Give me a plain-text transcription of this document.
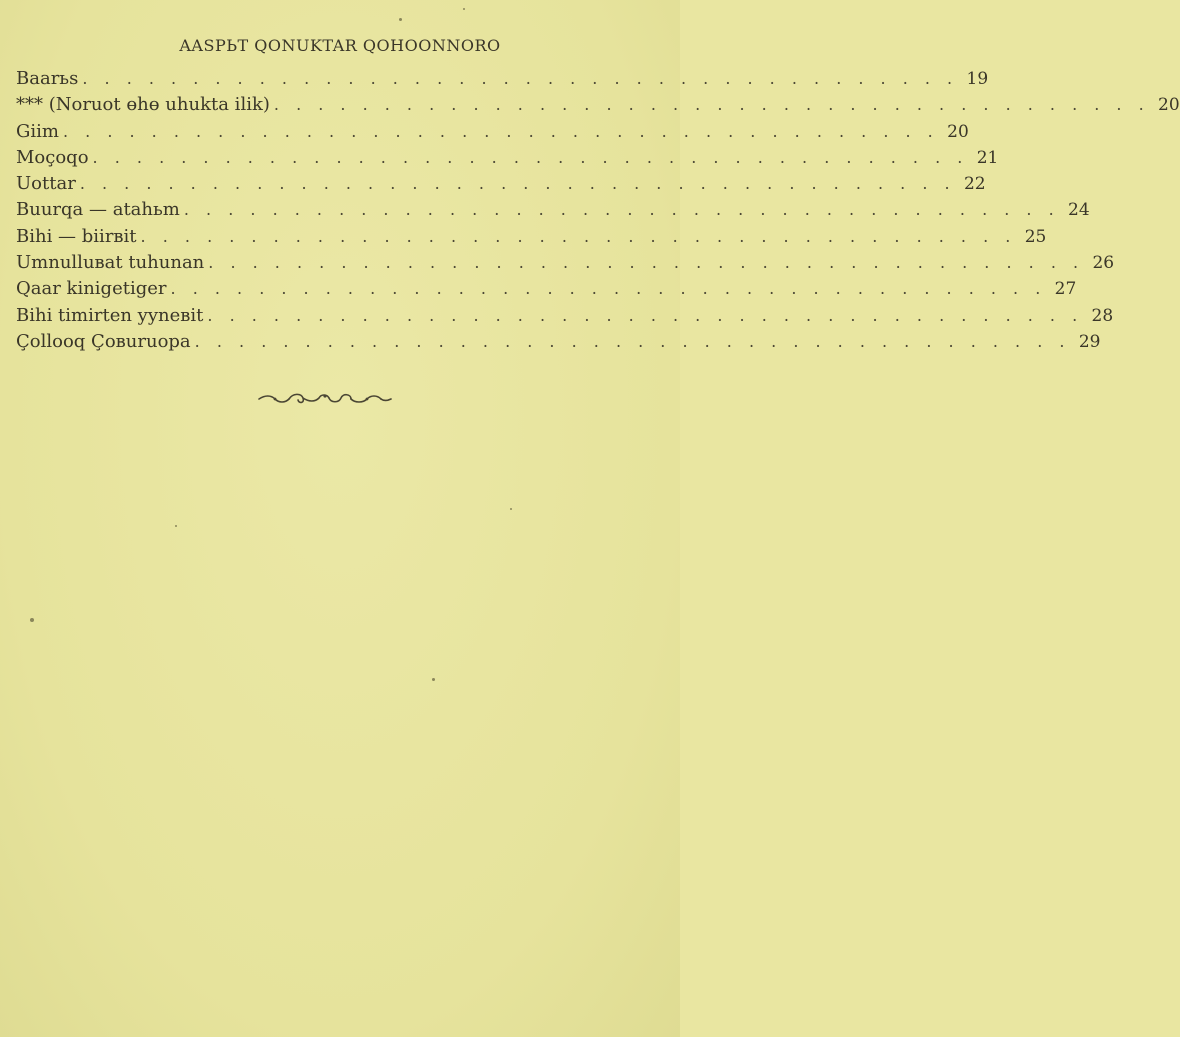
AASPЬT QONUKTAR QOHOONNORO
Baarьs . . . . . . . . . . . . . . . . . . . . . . . . . . . . . . . . . . . . . . . . 19
*** (Noruot ɵhɵ uhukta ilik) . . . . . . . . . . . . . . . . . . . . . . . . . . . . . . . . . . . . . . . . 20
Giim . . . . . . . . . . . . . . . . . . . . . . . . . . . . . . . . . . . . . . . . 20
Moçoqo . . . . . . . . . . . . . . . . . . . . . . . . . . . . . . . . . . . . . . . . 21
Uottar . . . . . . . . . . . . . . . . . . . . . . . . . . . . . . . . . . . . . . . . 22
Buurqa — atahьm . . . . . . . . . . . . . . . . . . . . . . . . . . . . . . . . . . . . . . . . 24
Bihi — biirвit . . . . . . . . . . . . . . . . . . . . . . . . . . . . . . . . . . . . . . . . 25
Umnulluвat tuhunan . . . . . . . . . . . . . . . . . . . . . . . . . . . . . . . . . . . . . . . . 26
Qaar kinigetiger . . . . . . . . . . . . . . . . . . . . . . . . . . . . . . . . . . . . . . . . 27
Bihi timirten yyneвit . . . . . . . . . . . . . . . . . . . . . . . . . . . . . . . . . . . . . . . . 28
Çollooq Çoвuruopa . . . . . . . . . . . . . . . . . . . . . . . . . . . . . . . . . . . . . . . . 29
